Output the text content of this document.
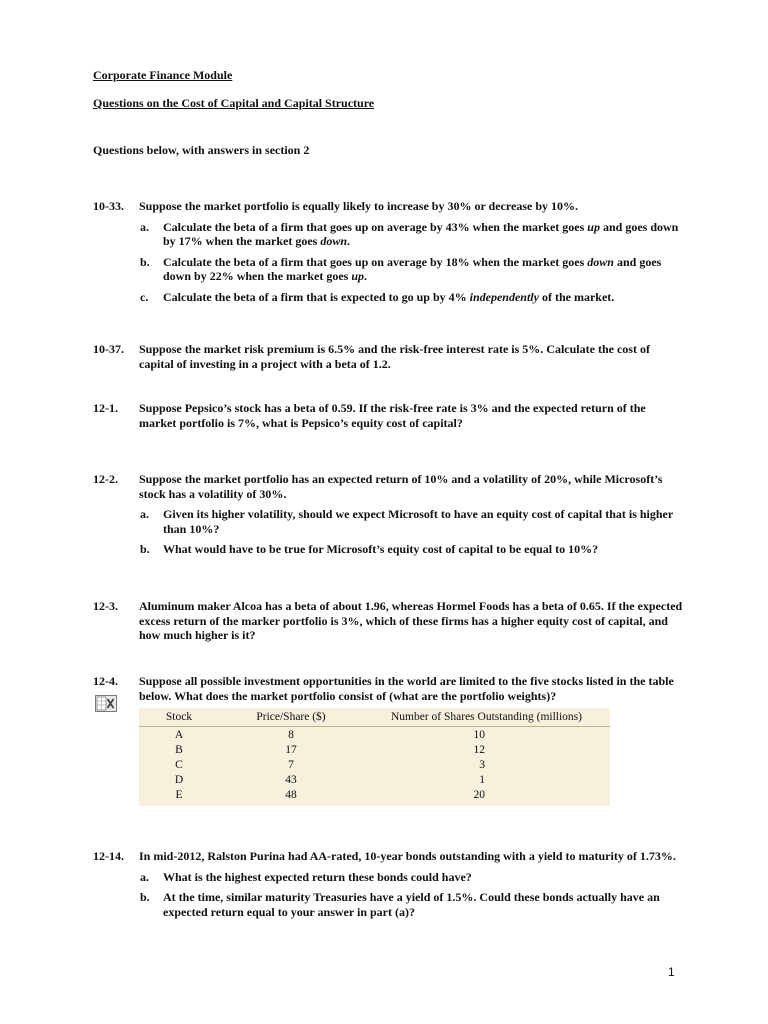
Corporate Finance Module
Questions on the Cost of Capital and Capital Structure
Questions below, with answers in section 2
10-33. Suppose the market portfolio is equally likely to increase by 30% or decrease by 10%.
a. Calculate the beta of a firm that goes up on average by 43% when the market goes up and goes down by 17% when the market goes down.
b. Calculate the beta of a firm that goes up on average by 18% when the market goes down and goes down by 22% when the market goes up.
c. Calculate the beta of a firm that is expected to go up by 4% independently of the market.
10-37. Suppose the market risk premium is 6.5% and the risk-free interest rate is 5%. Calculate the cost of capital of investing in a project with a beta of 1.2.
12-1. Suppose Pepsico’s stock has a beta of 0.59. If the risk-free rate is 3% and the expected return of the market portfolio is 7%, what is Pepsico’s equity cost of capital?
12-2. Suppose the market portfolio has an expected return of 10% and a volatility of 20%, while Microsoft’s stock has a volatility of 30%.
a. Given its higher volatility, should we expect Microsoft to have an equity cost of capital that is higher than 10%?
b. What would have to be true for Microsoft’s equity cost of capital to be equal to 10%?
12-3. Aluminum maker Alcoa has a beta of about 1.96, whereas Hormel Foods has a beta of 0.65. If the expected excess return of the marker portfolio is 3%, which of these firms has a higher equity cost of capital, and how much higher is it?
12-4. Suppose all possible investment opportunities in the world are limited to the five stocks listed in the table below. What does the market portfolio consist of (what are the portfolio weights)?
Stock	Price/Share ($)	Number of Shares Outstanding (millions)
A	8	10
B	17	12
C	7	3
D	43	1
E	48	20
12-14. In mid-2012, Ralston Purina had AA-rated, 10-year bonds outstanding with a yield to maturity of 1.73%.
a. What is the highest expected return these bonds could have?
b. At the time, similar maturity Treasuries have a yield of 1.5%. Could these bonds actually have an expected return equal to your answer in part (a)?
1
